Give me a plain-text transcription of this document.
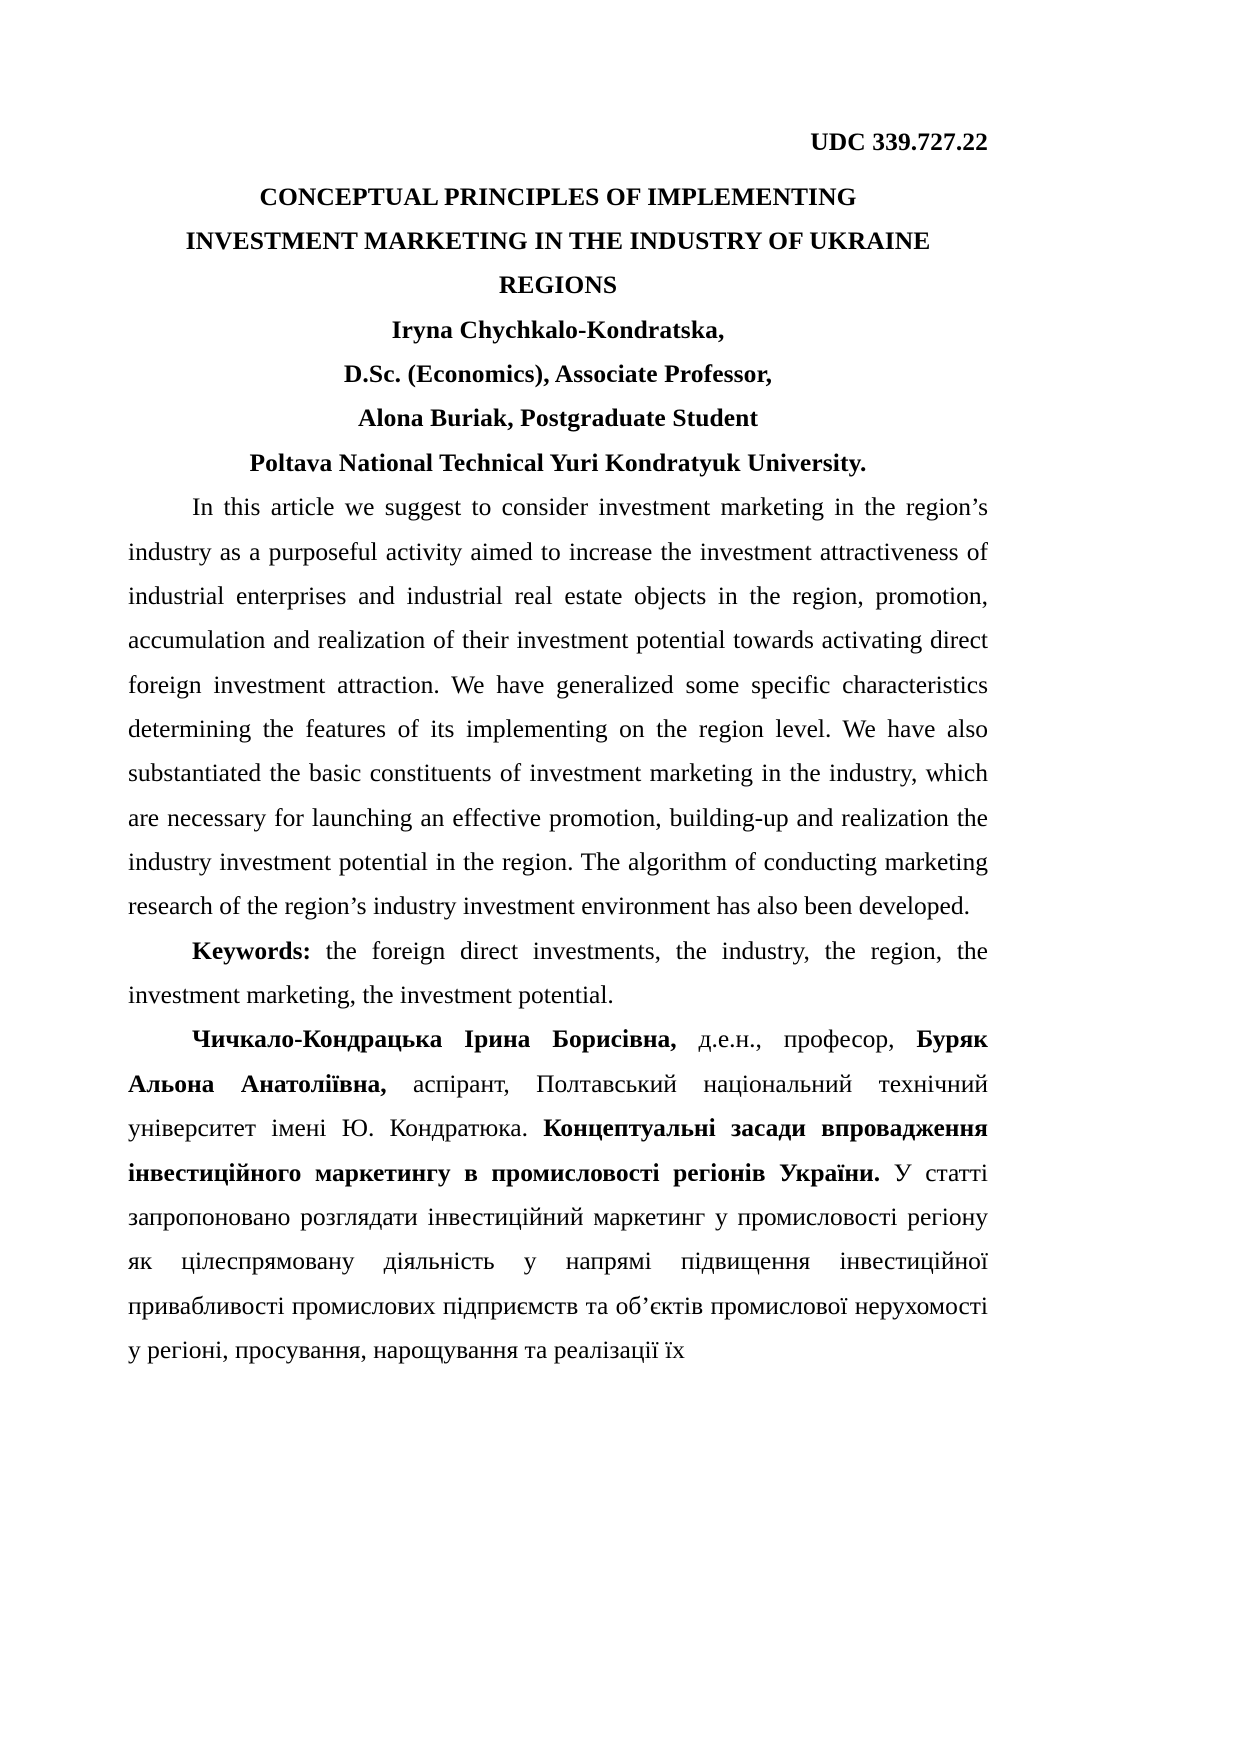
UDC 339.727.22

CONCEPTUAL PRINCIPLES OF IMPLEMENTING

INVESTMENT MARKETING IN THE INDUSTRY OF UKRAINE

REGIONS

Iryna Chychkalo-Kondratska,

D.Sc. (Economics), Associate Professor,

Alona Buriak, Postgraduate Student

Poltava National Technical Yuri Kondratyuk University.

In this article we suggest to consider investment marketing in the region’s industry as a purposeful activity aimed to increase the investment attractiveness of industrial enterprises and industrial real estate objects in the region, promotion, accumulation and realization of their investment potential towards activating direct foreign investment attraction. We have generalized some specific characteristics determining the features of its implementing on the region level. We have also substantiated the basic constituents of investment marketing in the industry, which are necessary for launching an effective promotion, building-up and realization the industry investment potential in the region. The algorithm of conducting marketing research of the region’s industry investment environment has also been developed.

Keywords: the foreign direct investments, the industry, the region, the investment marketing, the investment potential.

Чичкало-Кондрацька Ірина Борисівна, д.е.н., професор, Буряк Альона Анатоліївна, аспірант, Полтавський національний технічний університет імені Ю. Кондратюка. Концептуальні засади впровадження інвестиційного маркетингу в промисловості регіонів України. У статті запропоновано розглядати інвестиційний маркетинг у промисловості регіону як цілеспрямовану діяльність у напрямі підвищення інвестиційної привабливості промислових підприємств та об’єктів промислової нерухомості у регіоні, просування, нарощування та реалізації їх
